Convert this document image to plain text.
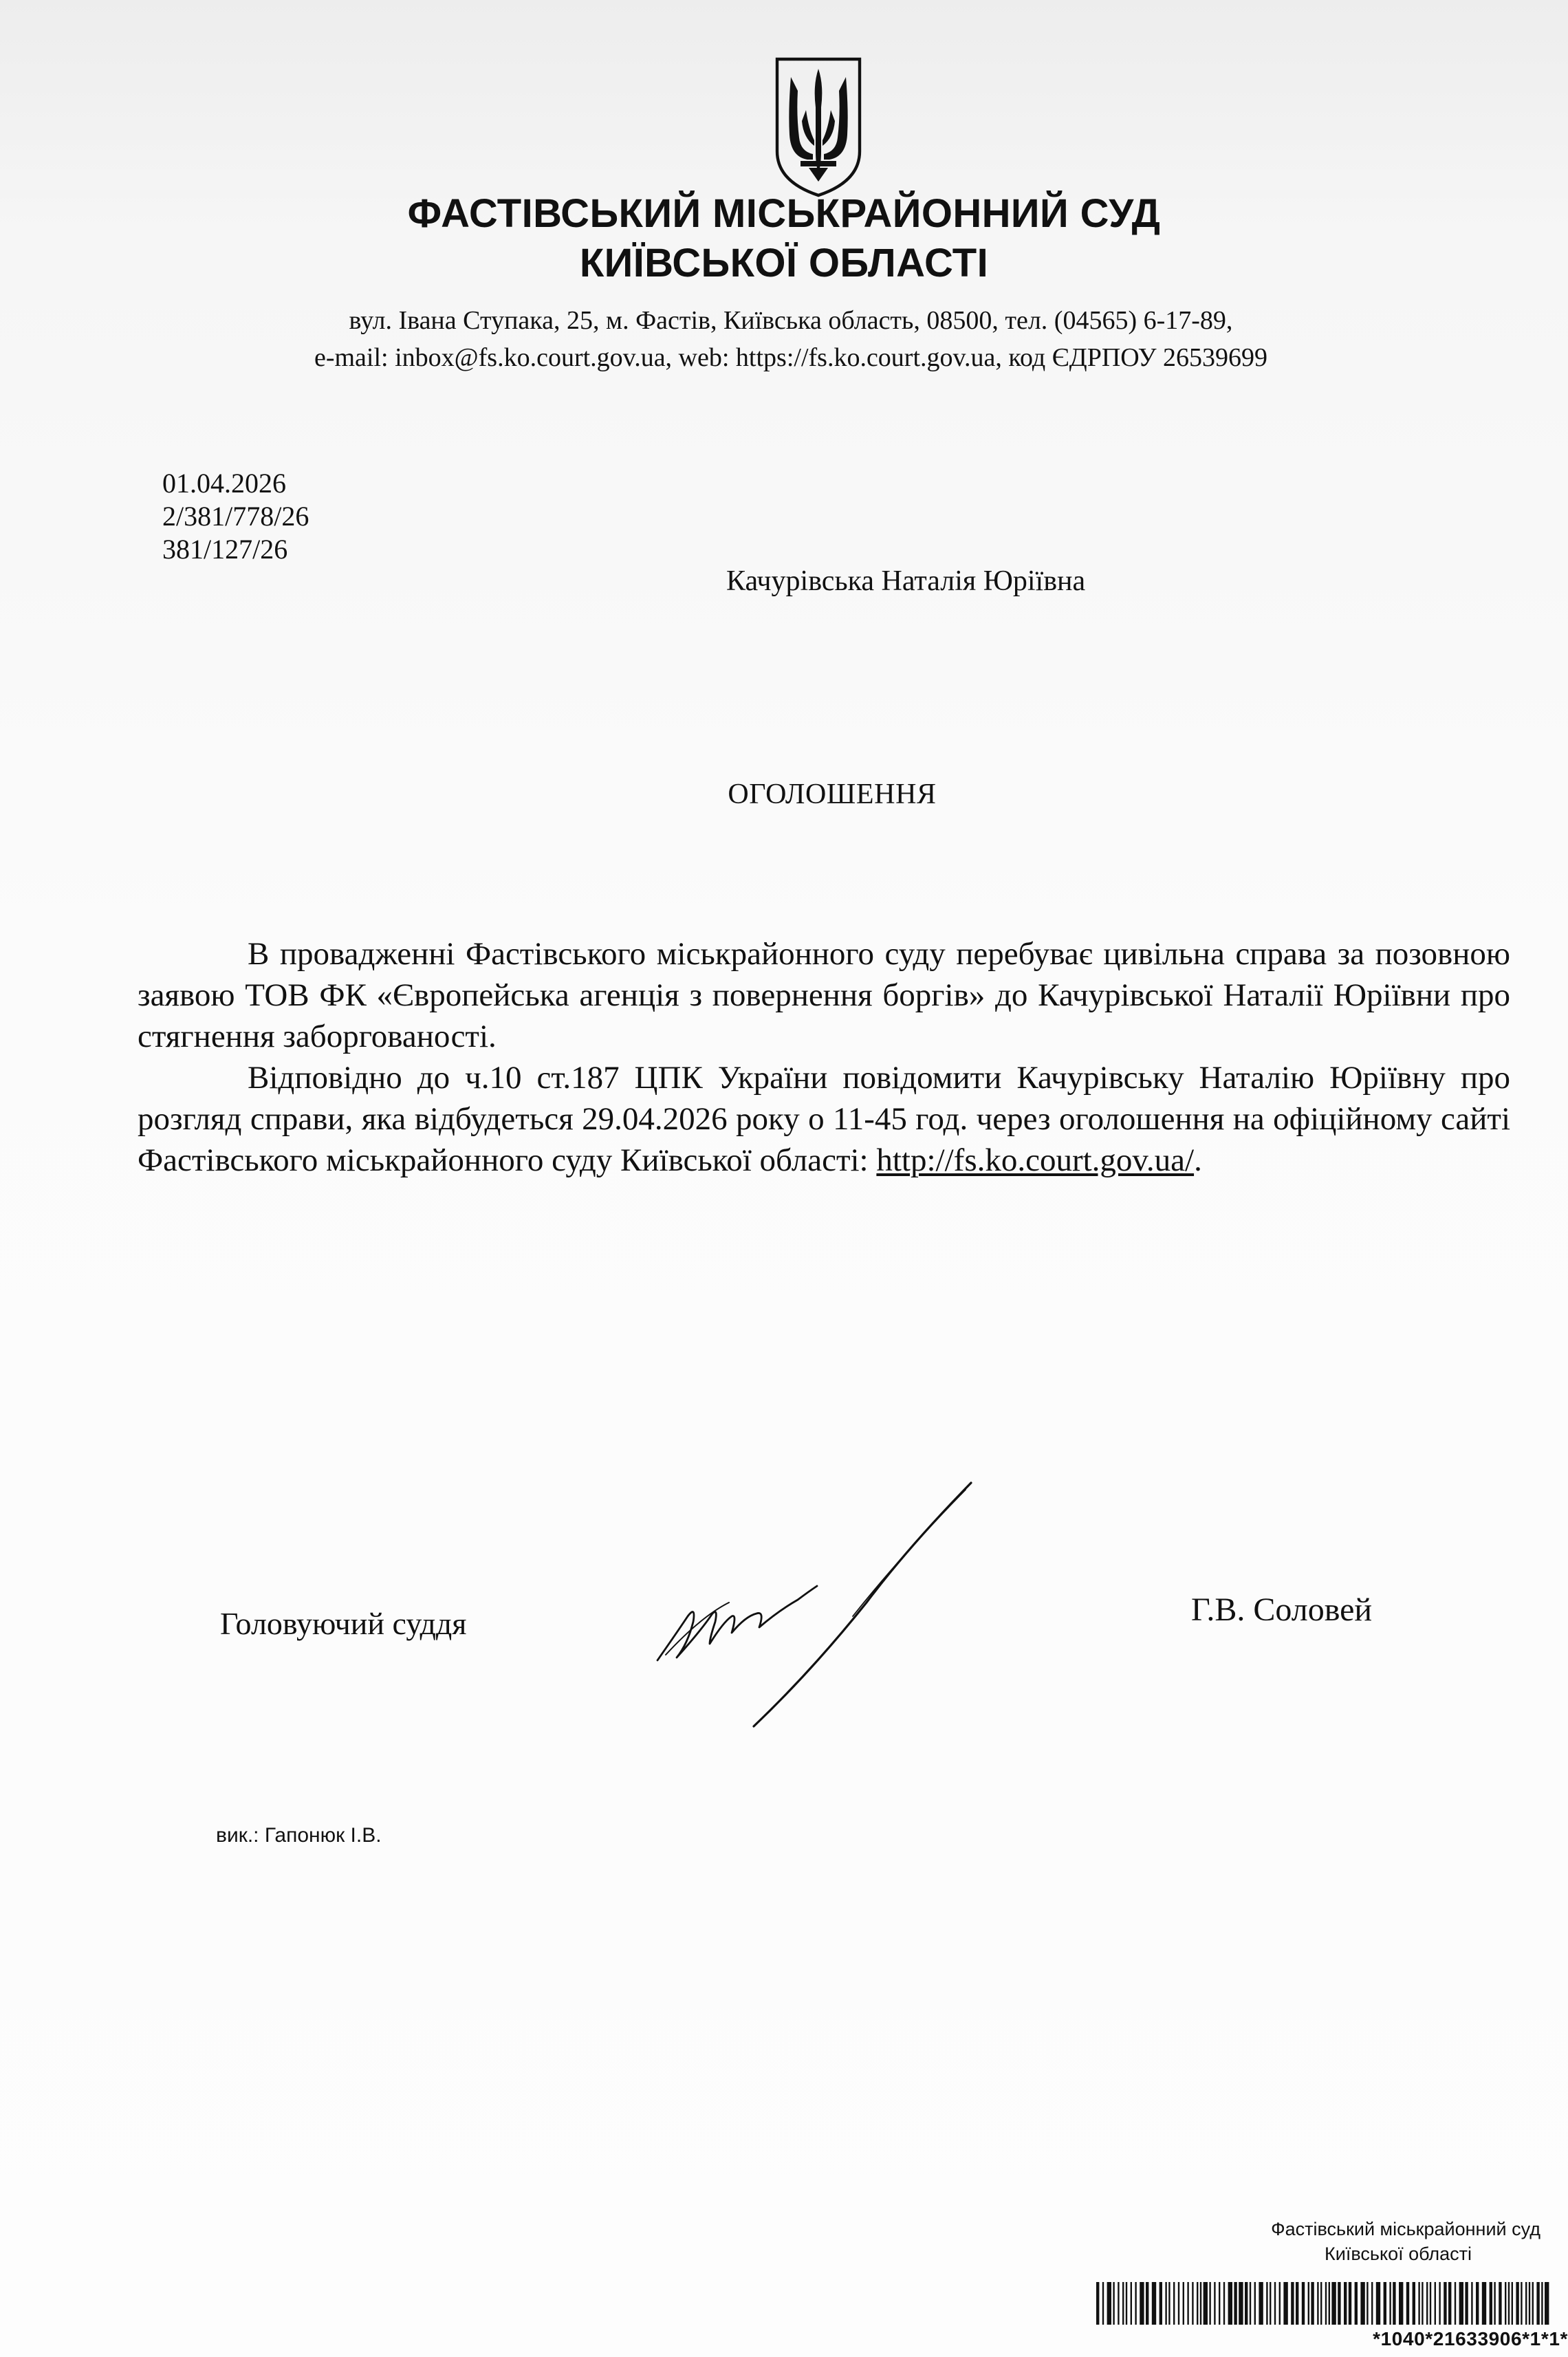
ФАСТІВСЬКИЙ МІСЬКРАЙОННИЙ СУД
КИЇВСЬКОЇ ОБЛАСТІ
вул. Івана Ступака, 25, м. Фастів, Київська область, 08500, тел. (04565) 6-17-89,
e-mail: inbox@fs.ko.court.gov.ua, web: https://fs.ko.court.gov.ua, код ЄДРПОУ 26539699
01.04.2026
2/381/778/26
381/127/26
Качурівська Наталія Юріївна
ОГОЛОШЕННЯ

В провадженні Фастівського міськрайонного суду перебуває цивільна справа за позовною заявою ТОВ ФК «Європейська агенція з повернення боргів» до Качурівської Наталії Юріївни про стягнення заборгованості.

Відповідно до ч.10 ст.187 ЦПК України повідомити Качурівську Наталію Юріївну про розгляд справи, яка відбудеться 29.04.2026 року о 11-45 год. через оголошення на офіційному сайті Фастівського міськрайонного суду Київської області: http://fs.ko.court.gov.ua/.

Головуючий суддя	Г.В. Соловей
вик.: Гапонюк І.В.
Фастівський міськрайонний суд
Київської області
*1040*21633906*1*1*
